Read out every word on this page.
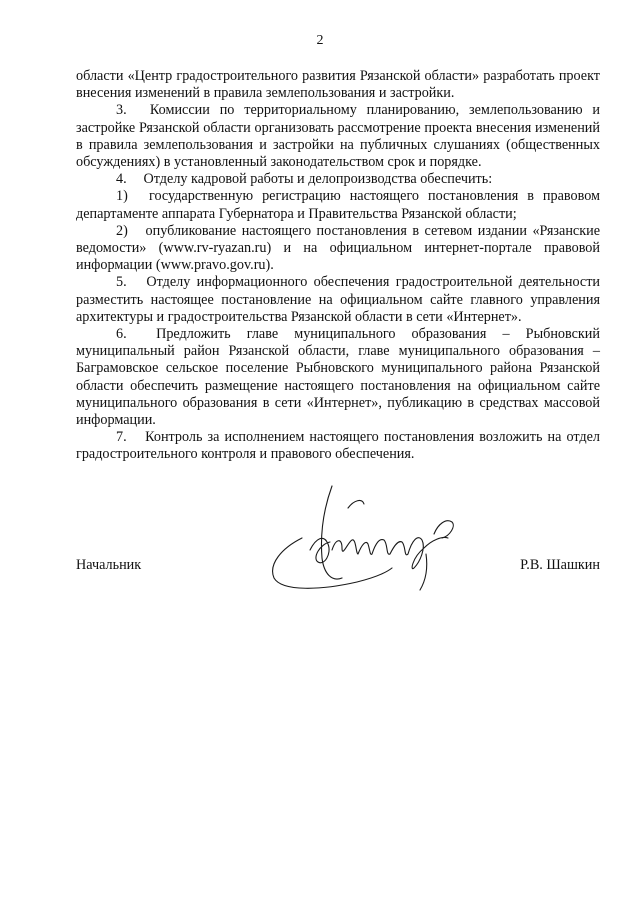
2

области «Центр градостроительного развития Рязанской области» разработать проект внесения изменений в правила землепользования и застройки.

3. Комиссии по территориальному планированию, землепользованию и застройке Рязанской области организовать рассмотрение проекта внесения изменений в правила землепользования и застройки на публичных слушаниях (общественных обсуждениях) в установленный законодательством срок и порядке.

4. Отделу кадровой работы и делопроизводства обеспечить:

1) государственную регистрацию настоящего постановления в правовом департаменте аппарата Губернатора и Правительства Рязанской области;

2) опубликование настоящего постановления в сетевом издании «Рязанские ведомости» (www.rv-ryazan.ru) и на официальном интернет-портале правовой информации (www.pravo.gov.ru).

5. Отделу информационного обеспечения градостроительной деятельности разместить настоящее постановление на официальном сайте главного управления архитектуры и градостроительства Рязанской области в сети «Интернет».

6. Предложить главе муниципального образования – Рыбновский муниципальный район Рязанской области, главе муниципального образования – Баграмовское сельское поселение Рыбновского муниципального района Рязанской области обеспечить размещение настоящего постановления на официальном сайте муниципального образования в сети «Интернет», публикацию в средствах массовой информации.

7. Контроль за исполнением настоящего постановления возложить на отдел градостроительного контроля и правового обеспечения.

Начальник	Р.В. Шашкин
